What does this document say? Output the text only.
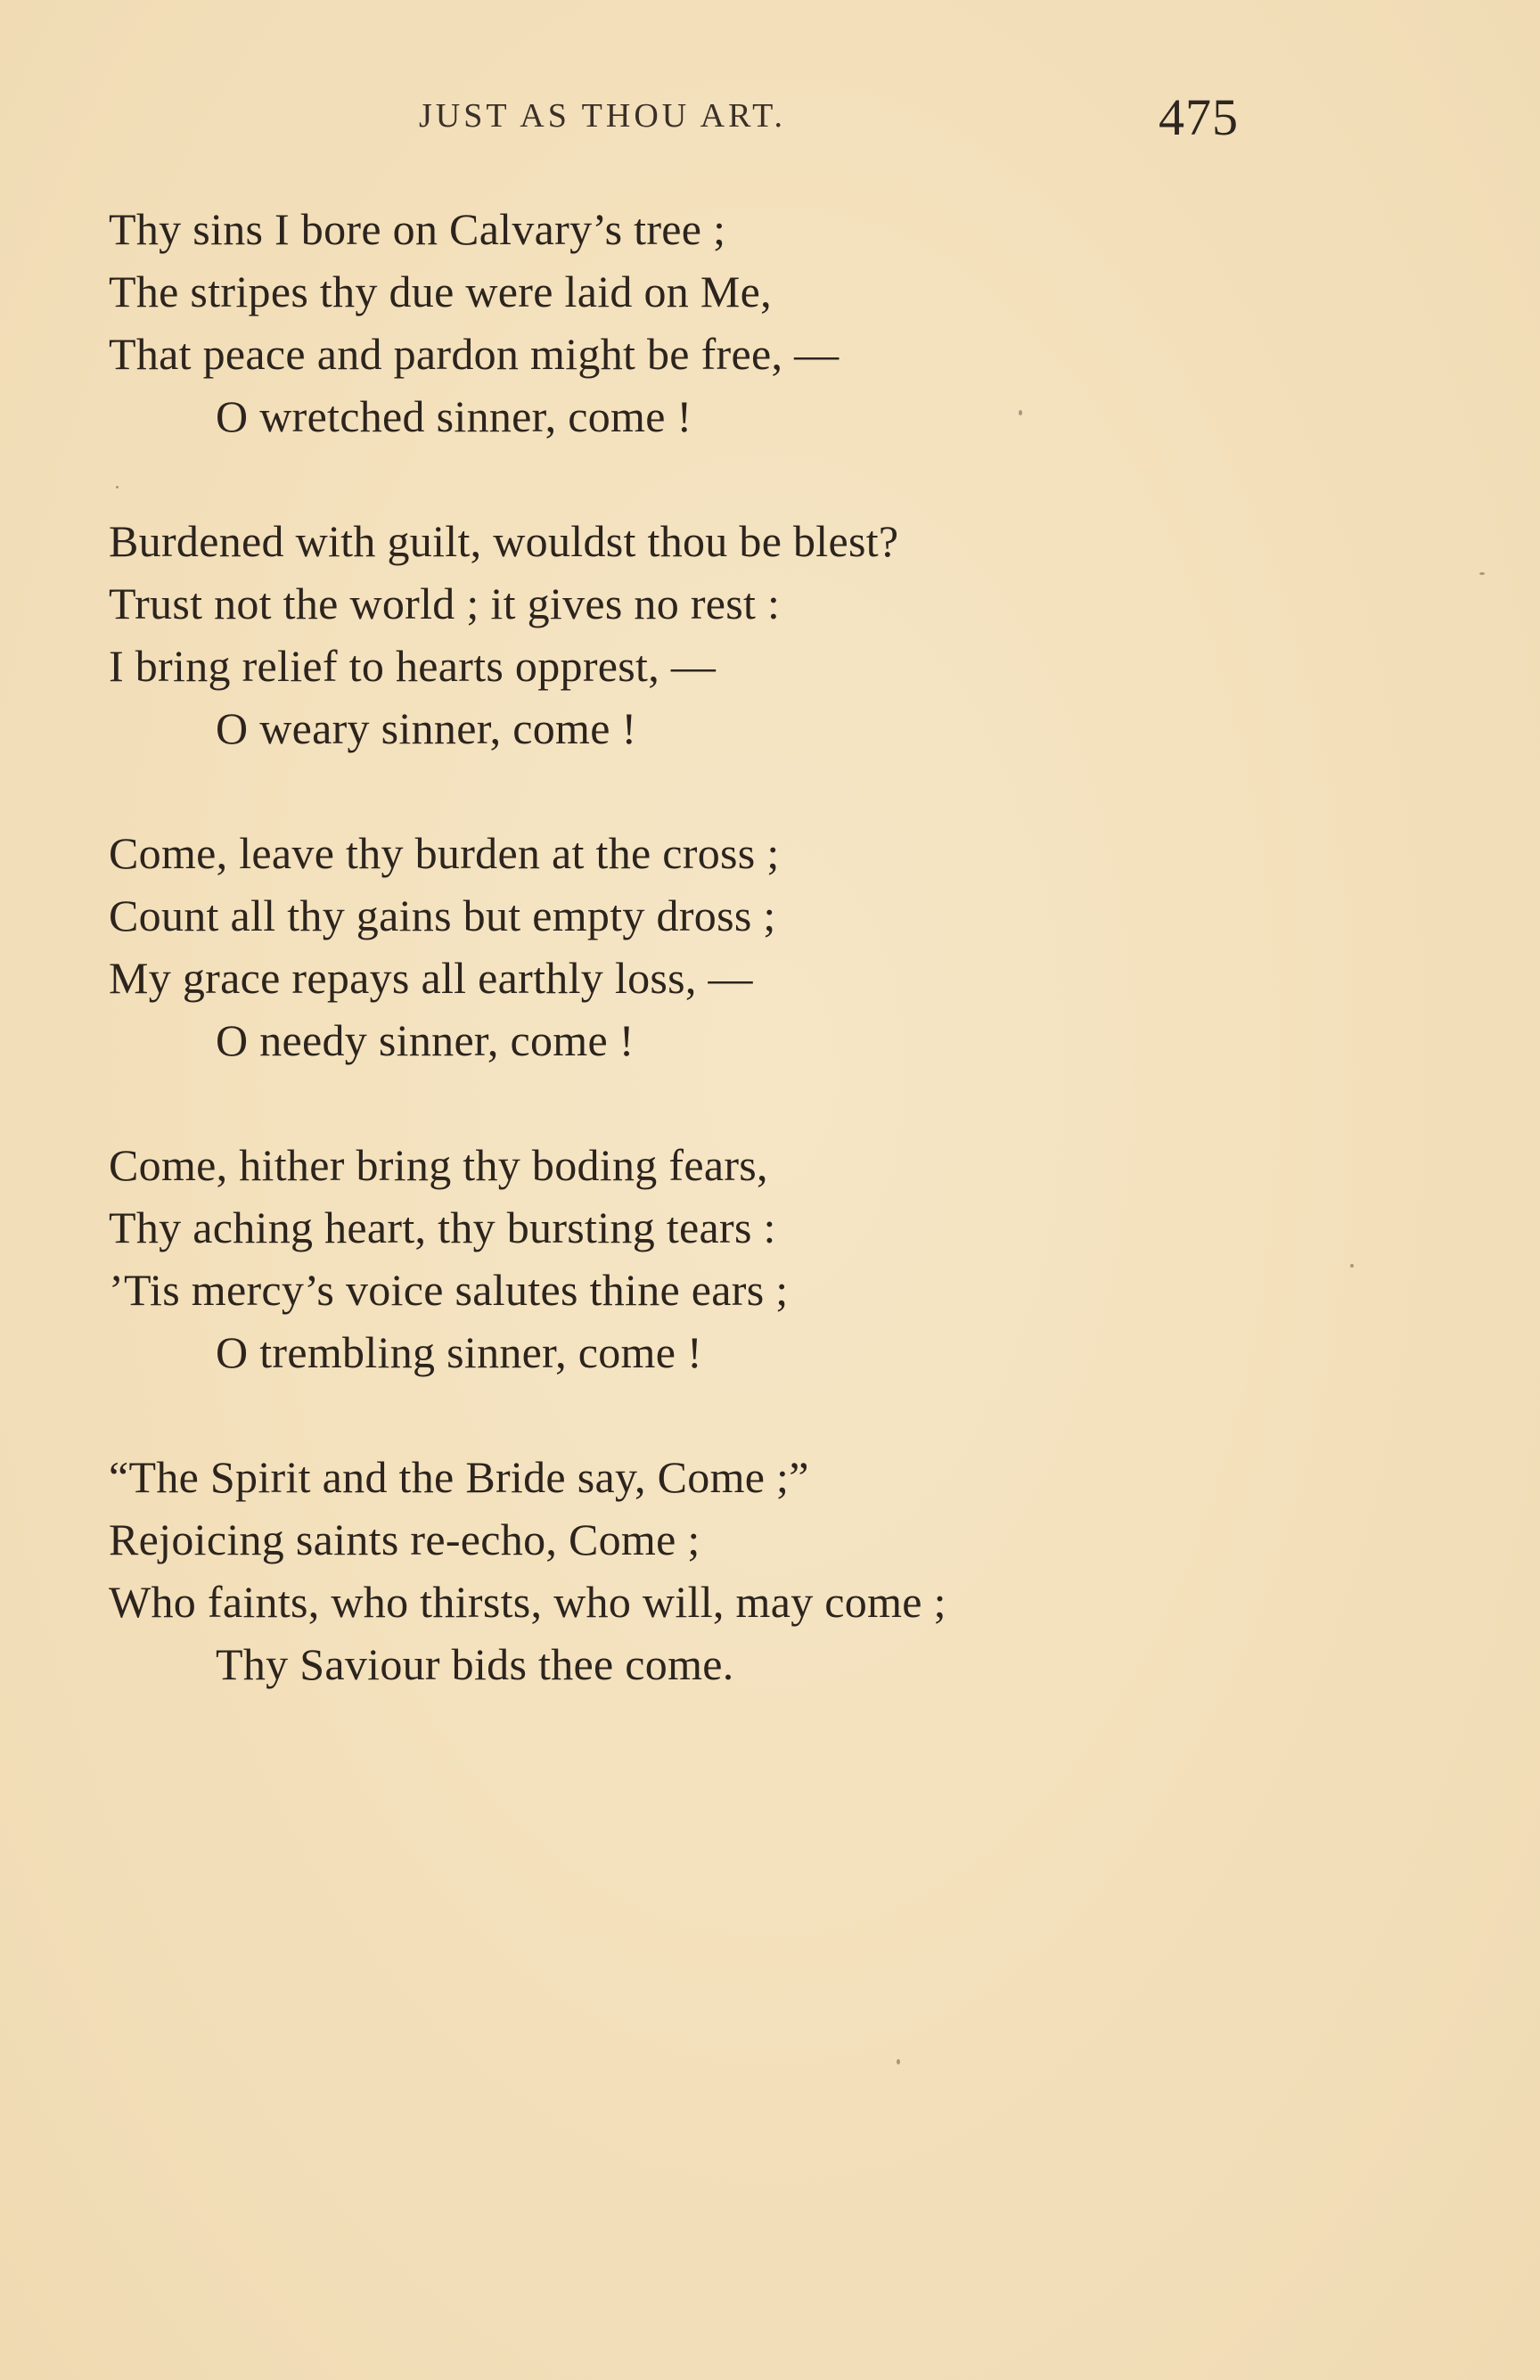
JUST AS THOU ART.	475
Thy sins I bore on Calvary’s tree ;
The stripes thy due were laid on Me,
That peace and pardon might be free, —
O wretched sinner, come !
Burdened with guilt, wouldst thou be blest?
Trust not the world ; it gives no rest :
I bring relief to hearts opprest, —
O weary sinner, come !
Come, leave thy burden at the cross ;
Count all thy gains but empty dross ;
My grace repays all earthly loss, —
O needy sinner, come !
Come, hither bring thy boding fears,
Thy aching heart, thy bursting tears :
’Tis mercy’s voice salutes thine ears ;
O trembling sinner, come !
“The Spirit and the Bride say, Come ;”
Rejoicing saints re-echo, Come ;
Who faints, who thirsts, who will, may come ;
Thy Saviour bids thee come.
